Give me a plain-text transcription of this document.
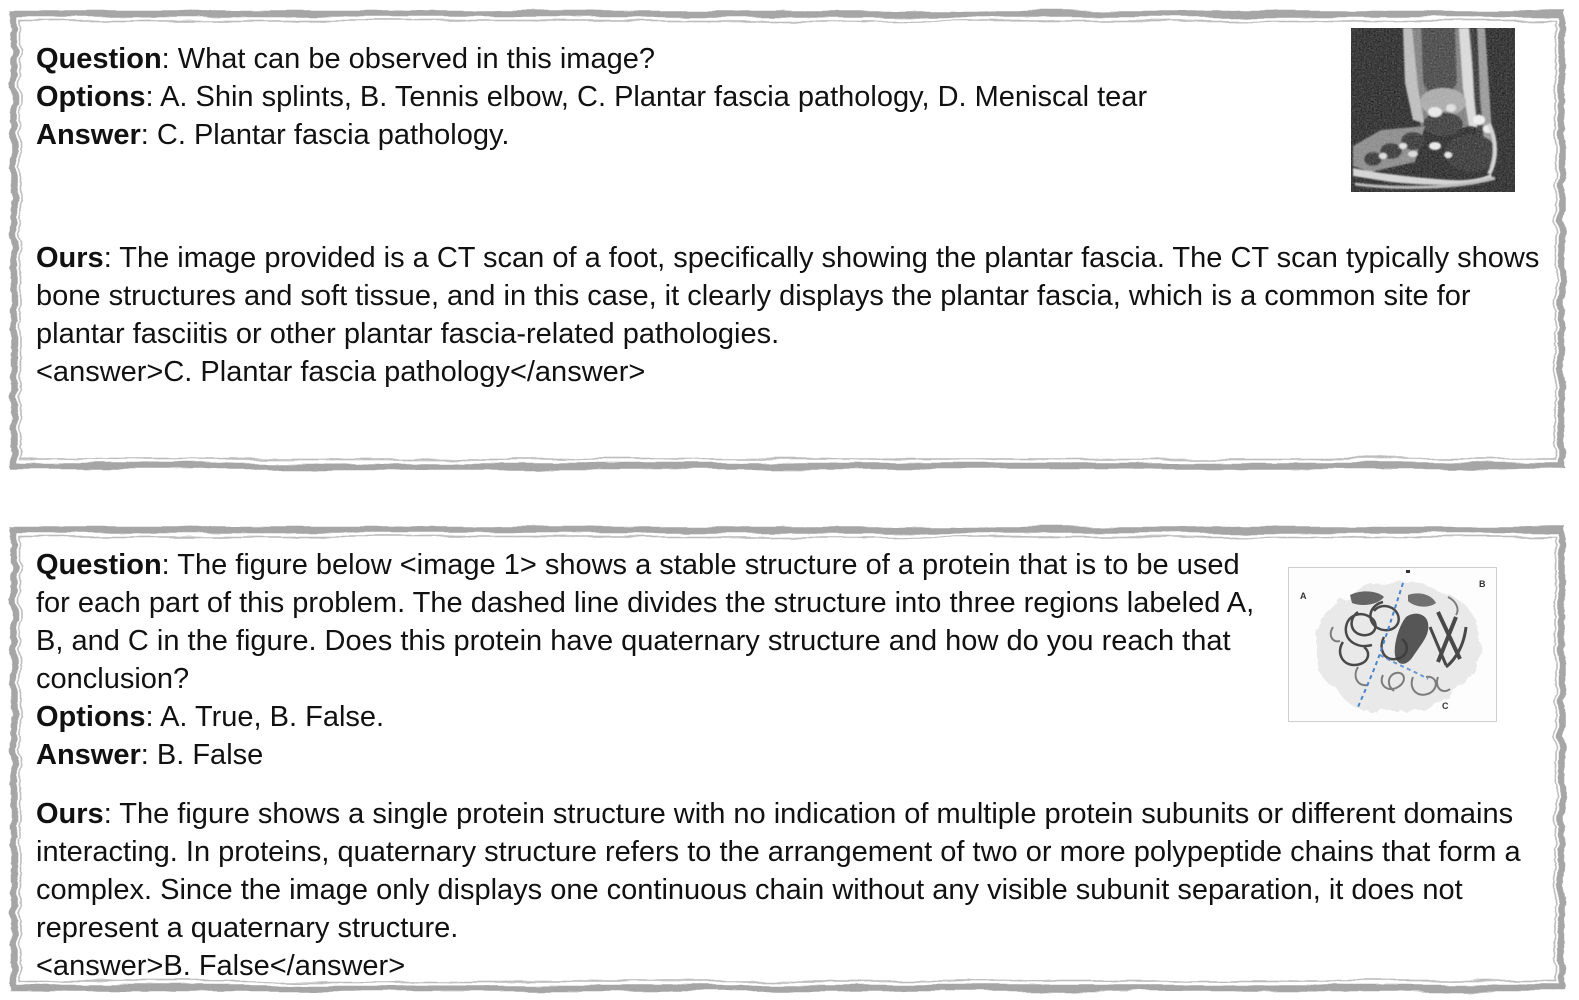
Question: What can be observed in this image?
Options: A. Shin splints, B. Tennis elbow, C. Plantar fascia pathology, D. Meniscal tear
Answer: C. Plantar fascia pathology.
Ours: The image provided is a CT scan of a foot, specifically showing the plantar fascia. The CT scan typically shows bone structures and soft tissue, and in this case, it clearly displays the plantar fascia, which is a common site for plantar fasciitis or other plantar fascia-related pathologies.
<answer>C. Plantar fascia pathology</answer>
A
B
C
Question: The figure below <image 1> shows a stable structure of a protein that is to be used for each part of this problem. The dashed line divides the structure into three regions labeled A, B, and C in the figure. Does this protein have quaternary structure and how do you reach that conclusion?
Options: A. True, B. False.
Answer: B. False
Ours: The figure shows a single protein structure with no indication of multiple protein subunits or different domains interacting. In proteins, quaternary structure refers to the arrangement of two or more polypeptide chains that form a complex. Since the image only displays one continuous chain without any visible subunit separation, it does not represent a quaternary structure.
<answer>B. False</answer>
